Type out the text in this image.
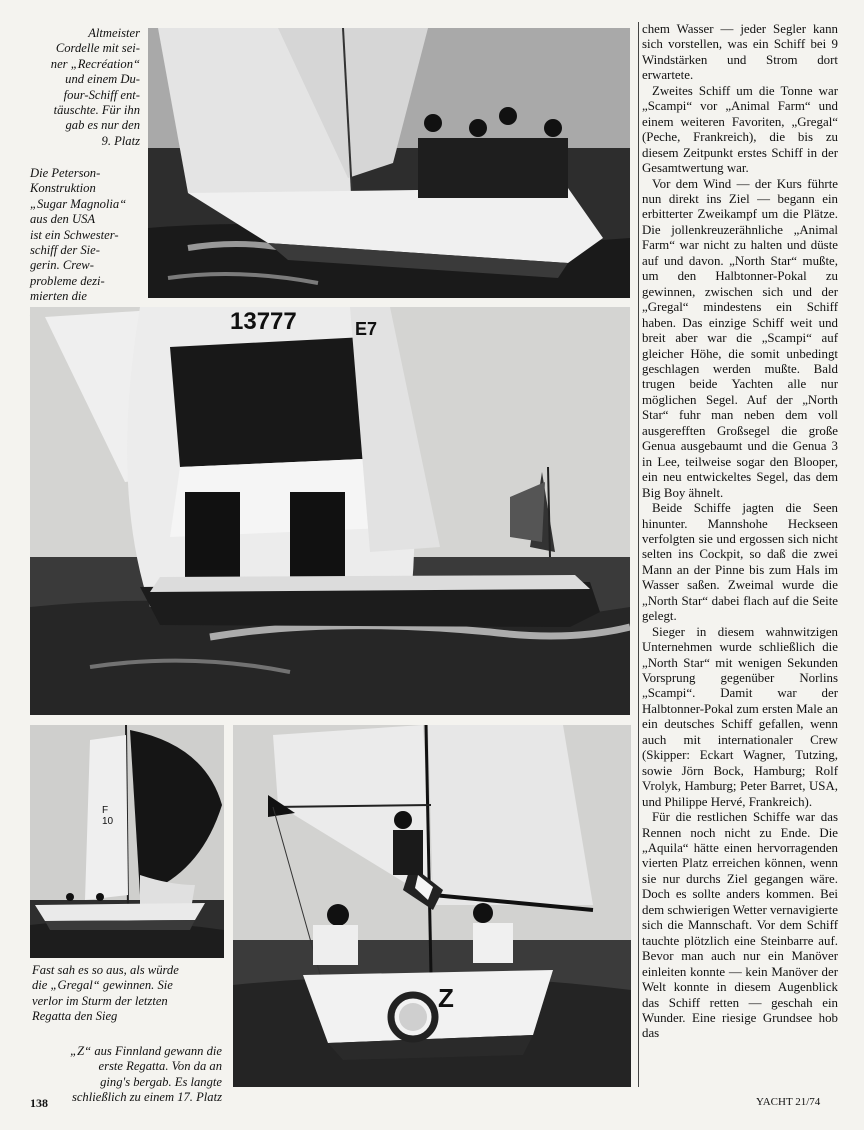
Altmeister
Cordelle mit sei-
ner „Recréation“
und einem Du-
four-Schiff ent-
täuschte. Für ihn
gab es nur den
9. Platz

Die Peterson-
Konstruktion
„Sugar Magnolia“
aus den USA
ist ein Schwester-
schiff der Sie-
gerin. Crew-
probleme dezi-
mierten die

Fast sah es so aus, als würde
die „Gregal“ gewinnen. Sie
verlor im Sturm der letzten
Regatta den Sieg

„Z“ aus Finnland gewann die
erste Regatta. Von da an
ging's bergab. Es langte
schließlich zu einem 17. Platz

13777	E7
F 10
Z

chem Wasser — jeder Segler kann sich vorstellen, was ein Schiff bei 9 Windstärken und Strom dort erwartete.

Zweites Schiff um die Tonne war „Scampi“ vor „Animal Farm“ und einem weiteren Favoriten, „Gregal“ (Peche, Frankreich), die bis zu diesem Zeitpunkt erstes Schiff in der Gesamtwertung war.

Vor dem Wind — der Kurs führte nun direkt ins Ziel — begann ein erbitterter Zweikampf um die Plätze. Die jollenkreuzerähnliche „Animal Farm“ war nicht zu halten und düste auf und davon. „North Star“ mußte, um den Halbtonner-Pokal zu gewinnen, zwischen sich und der „Gregal“ mindestens ein Schiff haben. Das einzige Schiff weit und breit aber war die „Scampi“ auf gleicher Höhe, die somit unbedingt geschlagen werden mußte. Bald trugen beide Yachten alle nur möglichen Segel. Auf der „North Star“ fuhr man neben dem voll ausgerefften Großsegel die große Genua ausgebaumt und die Genua 3 in Lee, teilweise sogar den Blooper, ein neu entwickeltes Segel, das dem Big Boy ähnelt.

Beide Schiffe jagten die Seen hinunter. Mannshohe Heckseen verfolgten sie und ergossen sich nicht selten ins Cockpit, so daß die zwei Mann an der Pinne bis zum Hals im Wasser saßen. Zweimal wurde die „North Star“ dabei flach auf die Seite gelegt.

Sieger in diesem wahnwitzigen Unternehmen wurde schließlich die „North Star“ mit wenigen Sekunden Vorsprung gegenüber Norlins „Scampi“. Damit war der Halbtonner-Pokal zum ersten Male an ein deutsches Schiff gefallen, wenn auch mit internationaler Crew (Skipper: Eckart Wagner, Tutzing, sowie Jörn Bock, Hamburg; Rolf Vrolyk, Hamburg; Peter Barret, USA, und Philippe Hervé, Frankreich).

Für die restlichen Schiffe war das Rennen noch nicht zu Ende. Die „Aquila“ hätte einen hervorragenden vierten Platz erreichen können, wenn sie nur durchs Ziel gegangen wäre. Doch es sollte anders kommen. Bei dem schwierigen Wetter vernavigierte sich die Mannschaft. Vor dem Schiff tauchte plötzlich eine Steinbarre auf. Bevor man auch nur ein Manöver einleiten konnte — kein Manöver der Welt konnte in diesem Augenblick das Schiff retten — geschah ein Wunder. Eine riesige Grundsee hob das

138	YACHT 21/74
